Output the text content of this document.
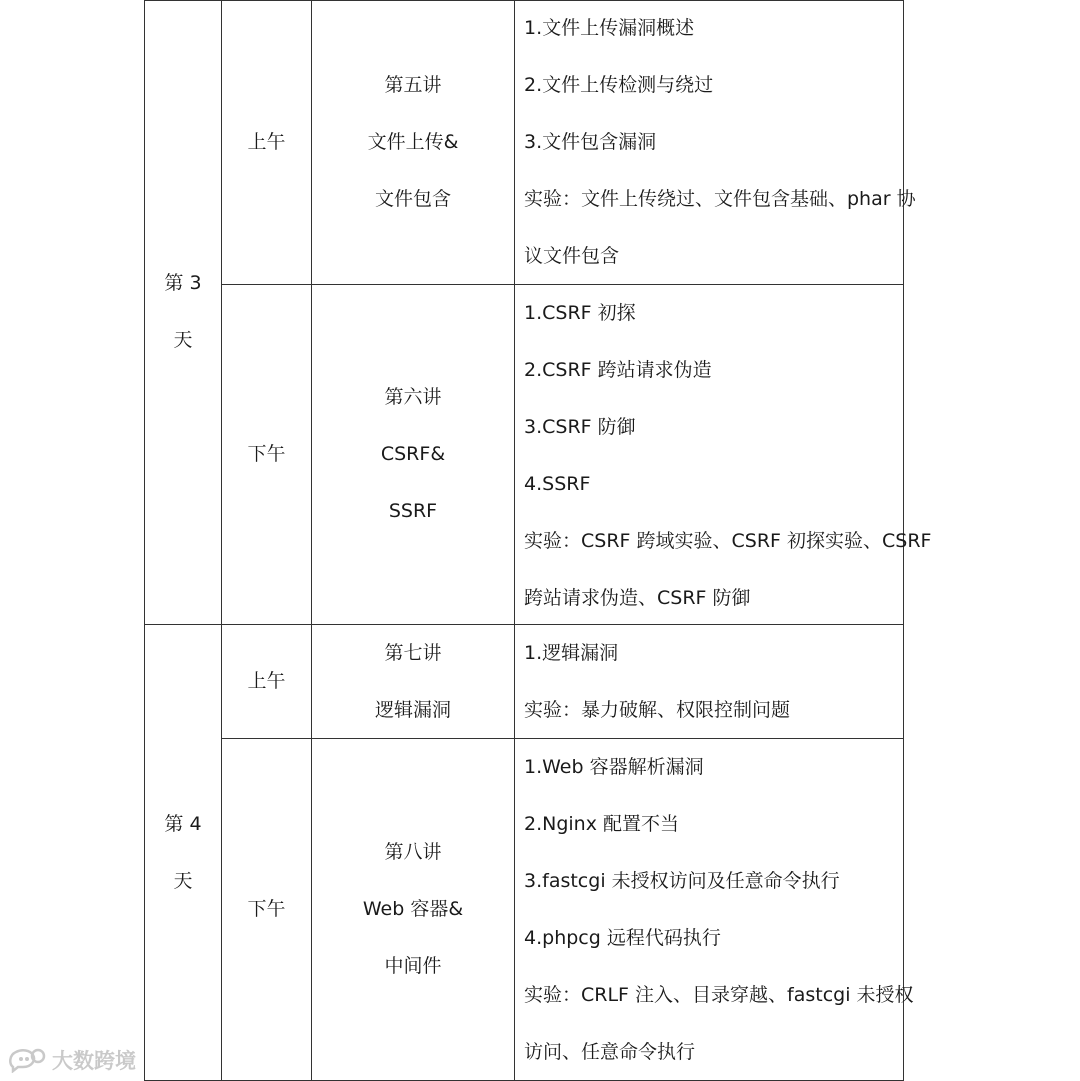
第 3
天
上午
第五讲
文件上传&
文件包含
1.文件上传漏洞概述
2.文件上传检测与绕过
3.文件包含漏洞
实验：文件上传绕过、文件包含基础、phar 协
议文件包含
下午
第六讲
CSRF&
SSRF
1.CSRF 初探
2.CSRF 跨站请求伪造
3.CSRF 防御
4.SSRF
实验：CSRF 跨域实验、CSRF 初探实验、CSRF
跨站请求伪造、CSRF 防御
第 4
天
上午
第七讲
逻辑漏洞
1.逻辑漏洞
实验：暴力破解、权限控制问题
下午
第八讲
Web 容器&
中间件
1.Web 容器解析漏洞
2.Nginx 配置不当
3.fastcgi 未授权访问及任意命令执行
4.phpcg 远程代码执行
实验：CRLF 注入、目录穿越、fastcgi 未授权
访问、任意命令执行
大数跨境
